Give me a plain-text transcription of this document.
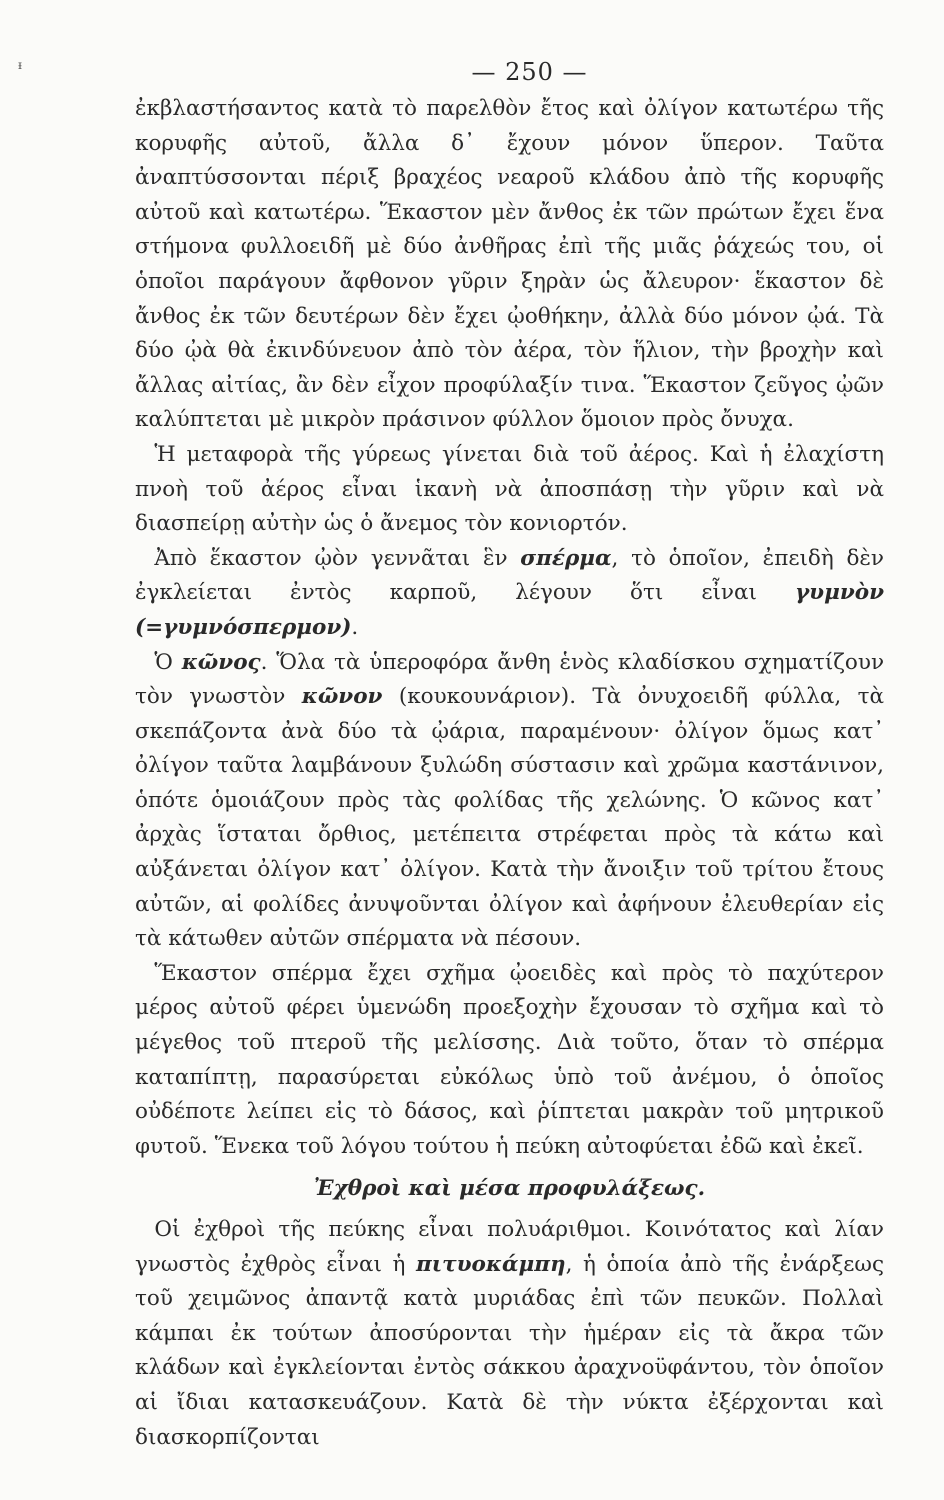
ᵻ	— 250 —

ἐκβλαστήσαντος κατὰ τὸ παρελθὸν ἔτος καὶ ὀλίγον κατωτέρω τῆς κορυφῆς αὐτοῦ, ἄλλα δ᾽ ἔχουν μόνον ὕπερον. Ταῦτα ἀναπτύσσονται πέριξ βραχέος νεαροῦ κλάδου ἀπὸ τῆς κορυφῆς αὐτοῦ καὶ κατωτέρω. Ἕκαστον μὲν ἄνθος ἐκ τῶν πρώτων ἔχει ἕνα στήμονα φυλλοειδῆ μὲ δύο ἀνθῆρας ἐπὶ τῆς μιᾶς ῥάχεώς του, οἱ ὁποῖοι παράγουν ἄφθονον γῦριν ξηρὰν ὡς ἄλευρον· ἕκαστον δὲ ἄνθος ἐκ τῶν δευτέρων δὲν ἔχει ᾠοθήκην, ἀλλὰ δύο μόνον ᾠά. Τὰ δύο ᾠὰ θὰ ἐκινδύνευον ἀπὸ τὸν ἀέρα, τὸν ἥλιον, τὴν βροχὴν καὶ ἄλλας αἰτίας, ἂν δὲν εἶχον προφύλαξίν τινα. Ἕκαστον ζεῦγος ᾠῶν καλύπτεται μὲ μικρὸν πράσινον φύλλον ὅμοιον πρὸς ὄνυχα.

Ἡ μεταφορὰ τῆς γύρεως γίνεται διὰ τοῦ ἀέρος. Καὶ ἡ ἐλαχίστη πνοὴ τοῦ ἀέρος εἶναι ἱκανὴ νὰ ἀποσπάσῃ τὴν γῦριν καὶ νὰ διασπείρῃ αὐτὴν ὡς ὁ ἄνεμος τὸν κονιορτόν.

Ἀπὸ ἕκαστον ᾠὸν γεννᾶται ἓν σπέρμα, τὸ ὁποῖον, ἐπειδὴ δὲν ἐγκλείεται ἐντὸς καρποῦ, λέγουν ὅτι εἶναι γυμνὸν (=γυμνόσπερμον).

Ὁ κῶνος. Ὅλα τὰ ὑπεροφόρα ἄνθη ἑνὸς κλαδίσκου σχηματίζουν τὸν γνωστὸν κῶνον (κουκουνάριον). Τὰ ὀνυχοειδῆ φύλλα, τὰ σκεπάζοντα ἀνὰ δύο τὰ ᾠάρια, παραμένουν· ὀλίγον ὅμως κατ᾽ ὀλίγον ταῦτα λαμβάνουν ξυλώδη σύστασιν καὶ χρῶμα καστάνινον, ὁπότε ὁμοιάζουν πρὸς τὰς φολίδας τῆς χελώνης. Ὁ κῶνος κατ᾽ ἀρχὰς ἵσταται ὄρθιος, μετέπειτα στρέφεται πρὸς τὰ κάτω καὶ αὐξάνεται ὀλίγον κατ᾽ ὀλίγον. Κατὰ τὴν ἄνοιξιν τοῦ τρίτου ἔτους αὐτῶν, αἱ φολίδες ἀνυψοῦνται ὀλίγον καὶ ἀφήνουν ἐλευθερίαν εἰς τὰ κάτωθεν αὐτῶν σπέρματα νὰ πέσουν.

Ἕκαστον σπέρμα ἔχει σχῆμα ᾠοειδὲς καὶ πρὸς τὸ παχύτερον μέρος αὐτοῦ φέρει ὑμενώδη προεξοχὴν ἔχουσαν τὸ σχῆμα καὶ τὸ μέγεθος τοῦ πτεροῦ τῆς μελίσσης. Διὰ τοῦτο, ὅταν τὸ σπέρμα καταπίπτῃ, παρασύρεται εὐκόλως ὑπὸ τοῦ ἀνέμου, ὁ ὁποῖος οὐδέποτε λείπει εἰς τὸ δάσος, καὶ ῥίπτεται μακρὰν τοῦ μητρικοῦ φυτοῦ. Ἕνεκα τοῦ λόγου τούτου ἡ πεύκη αὐτοφύεται ἐδῶ καὶ ἐκεῖ.

Ἐχθροὶ καὶ μέσα προφυλάξεως.

Οἱ ἐχθροὶ τῆς πεύκης εἶναι πολυάριθμοι. Κοινότατος καὶ λίαν γνωστὸς ἐχθρὸς εἶναι ἡ πιτυοκάμπη, ἡ ὁποία ἀπὸ τῆς ἐνάρξεως τοῦ χειμῶνος ἀπαντᾷ κατὰ μυριάδας ἐπὶ τῶν πευκῶν. Πολλαὶ κάμπαι ἐκ τούτων ἀποσύρονται τὴν ἡμέραν εἰς τὰ ἄκρα τῶν κλάδων καὶ ἐγκλείονται ἐντὸς σάκκου ἀραχνοϋφάντου, τὸν ὁποῖον αἱ ἴδιαι κατασκευάζουν. Κατὰ δὲ τὴν νύκτα ἐξέρχονται καὶ διασκορπίζονται
